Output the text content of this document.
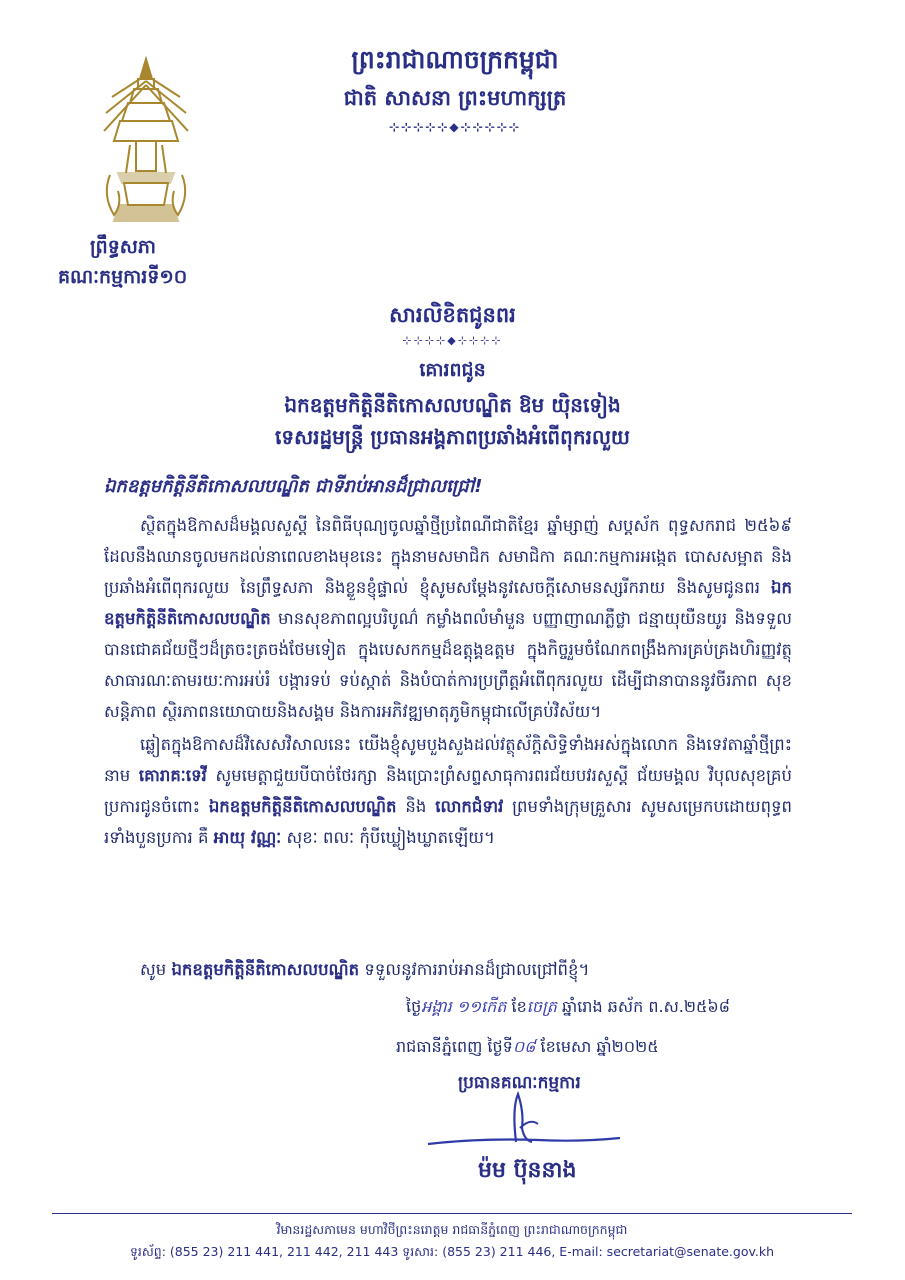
ព្រឹទ្ធសភា
គណៈកម្មការទី១០
ព្រះរាជាណាចក្រកម្ពុជា
ជាតិ សាសនា ព្រះមហាក្សត្រ
⊹⊹⊹⊹⊹◆⊹⊹⊹⊹⊹
សារលិខិតជូនពរ
⊹⊹⊹⊹◆⊹⊹⊹⊹
គោរពជូន
ឯកឧត្តមកិត្តិនីតិកោសលបណ្ឌិត ឱម យ៉ិនទៀង
ទេសរដ្ឋមន្ត្រី ប្រធានអង្គភាពប្រឆាំងអំពើពុករលួយ
ឯកឧត្តមកិត្តិនីតិកោសលបណ្ឌិត ជាទីរាប់អានដ៏ជ្រាលជ្រៅ!

ស្ថិតក្នុងឱកាសដ៏មង្គលសួស្តី នៃពិធីបុណ្យចូលឆ្នាំថ្មីប្រពៃណីជាតិខ្មែរ ឆ្នាំម្សាញ់ សប្តស័ក ពុទ្ធសករាជ ២៥៦៩ ដែលនឹងឈានចូលមកដល់នាពេលខាងមុខនេះ ក្នុងនាមសមាជិក សមាជិកា គណៈកម្មការអង្កេត បោសសម្អាត និងប្រឆាំងអំពើពុករលួយ នៃព្រឹទ្ធសភា និងខ្លួនខ្ញុំផ្ទាល់ ខ្ញុំសូមសម្តែងនូវសេចក្តីសោមនស្សរីករាយ និងសូមជូនពរ ឯកឧត្តមកិត្តិនីតិកោសលបណ្ឌិត មានសុខភាពល្អបរិបូណ៌ កម្លាំងពលំមាំមួន បញ្ញាញាណភ្លឺថ្លា ជន្មាយុយឺនយូរ និងទទួលបានជោគជ័យថ្មីៗដ៏ត្រចះត្រចង់ថែមទៀត ក្នុងបេសកកម្មដ៏ឧត្តុង្គឧត្តម ក្នុងកិច្ចរួមចំណែកពង្រឹងការគ្រប់គ្រងហិរញ្ញវត្ថុសាធារណៈតាមរយៈការអប់រំ បង្ការទប់ ទប់ស្កាត់ និងបំបាត់ការប្រព្រឹត្តអំពើពុករលួយ ដើម្បីជានាបាននូវចីរភាព សុខសន្តិភាព ស្ថិរភាពនយោបាយនិងសង្គម និងការអភិវឌ្ឍមាតុភូមិកម្ពុជាលើគ្រប់វិស័យ។

ឆ្លៀតក្នុងឱកាសដ៏វិសេសវិសាលនេះ យើងខ្ញុំសូមបួងសួងដល់វត្ថុស័ក្តិសិទ្ធិទាំងអស់ក្នុងលោក និងទេវតាឆ្នាំថ្មីព្រះនាម គោរាគៈទេវី សូមមេត្តាជួយបីបាច់ថែរក្សា និងប្រោះព្រំសព្ទសាធុការពរជ័យបវរសួស្តី ជ័យមង្គល វិបុលសុខគ្រប់ប្រការជូនចំពោះ ឯកឧត្តមកិត្តិនីតិកោសលបណ្ឌិត និង លោកជំទាវ ព្រមទាំងក្រុមគ្រួសារ សូមសម្រេកបដោយពុទ្ធពរទាំងបួនប្រការ គឺ អាយុ វណ្ណៈ សុខៈ ពលៈ កុំបីឃ្លៀងឃ្លាតឡើយ។

សូម ឯកឧត្តមកិត្តិនីតិកោសលបណ្ឌិត ទទួលនូវការរាប់អានដ៏ជ្រាលជ្រៅពីខ្ញុំ។
ថ្ងៃអង្គារ ១១កើត ខែចេត្រ ឆ្នាំរោង ឆស័ក ព.ស.២៥៦៨
រាជធានីភ្នំពេញ ថ្ងៃទី០៨ ខែមេសា ឆ្នាំ២០២៥
ប្រធានគណៈកម្មការ
ម៉ម ប៊ុននាង
វិមានរដ្ឋសភាមេន មហាវិថីព្រះនរោត្តម រាជធានីភ្នំពេញ ព្រះរាជាណាចក្រកម្ពុជា
ទូរស័ព្ទ: (855 23) 211 441, 211 442, 211 443 ទូរសារ: (855 23) 211 446, E-mail: secretariat@senate.gov.kh
